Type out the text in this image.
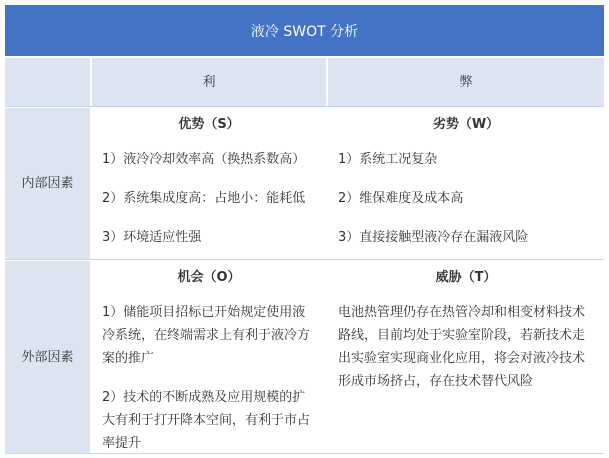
液冷 SWOT 分析
利	弊
内部因素
优势（S）
1）液冷冷却效率高（换热系数高）
2）系统集成度高：占地小：能耗低
3）环境适应性强
劣势（W）
1）系统工况复杂
2）维保难度及成本高
3）直接接触型液冷存在漏液风险
外部因素
机会（O）
1）储能项目招标已开始规定使用液冷系统，在终端需求上有利于液冷方案的推广
2）技术的不断成熟及应用规模的扩大有利于打开降本空间，有利于市占率提升
威胁（T）
电池热管理仍存在热管冷却和相变材料技术路线，目前均处于实验室阶段，若新技术走出实验室实现商业化应用，将会对液冷技术形成市场挤占，存在技术替代风险
